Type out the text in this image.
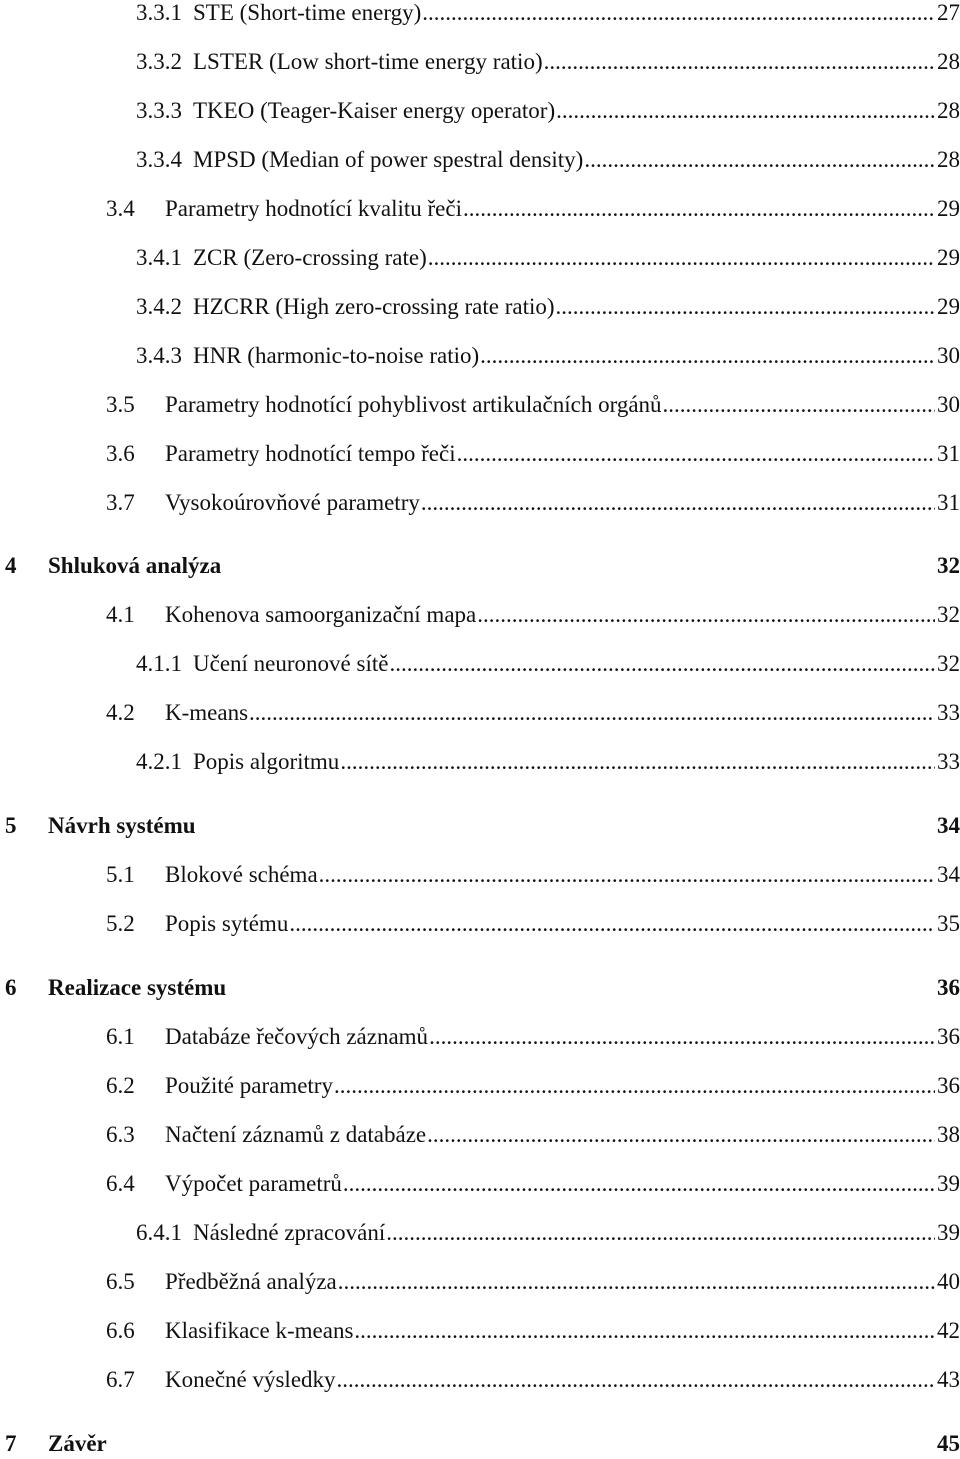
3.3.1 STE (Short-time energy) .....	27
3.3.2 LSTER (Low short-time energy ratio) .....	28
3.3.3 TKEO (Teager-Kaiser energy operator) .....	28
3.3.4 MPSD (Median of power spestral density) .....	28
3.4 Parametry hodnotící kvalitu řeči .....	29
3.4.1 ZCR (Zero-crossing rate) .....	29
3.4.2 HZCRR (High zero-crossing rate ratio) .....	29
3.4.3 HNR (harmonic-to-noise ratio) .....	30
3.5 Parametry hodnotící pohyblivost artikulačních orgánů .....	30
3.6 Parametry hodnotící tempo řeči .....	31
3.7 Vysokoúrovňové parametry .....	31
4 Shluková analýza	32
4.1 Kohenova samoorganizační mapa .....	32
4.1.1 Učení neuronové sítě .....	32
4.2 K-means .....	33
4.2.1 Popis algoritmu .....	33
5 Návrh systému	34
5.1 Blokové schéma .....	34
5.2 Popis sytému .....	35
6 Realizace systému	36
6.1 Databáze řečových záznamů .....	36
6.2 Použité parametry .....	36
6.3 Načtení záznamů z databáze .....	38
6.4 Výpočet parametrů .....	39
6.4.1 Následné zpracování .....	39
6.5 Předběžná analýza .....	40
6.6 Klasifikace k-means .....	42
6.7 Konečné výsledky .....	43
7 Závěr	45
